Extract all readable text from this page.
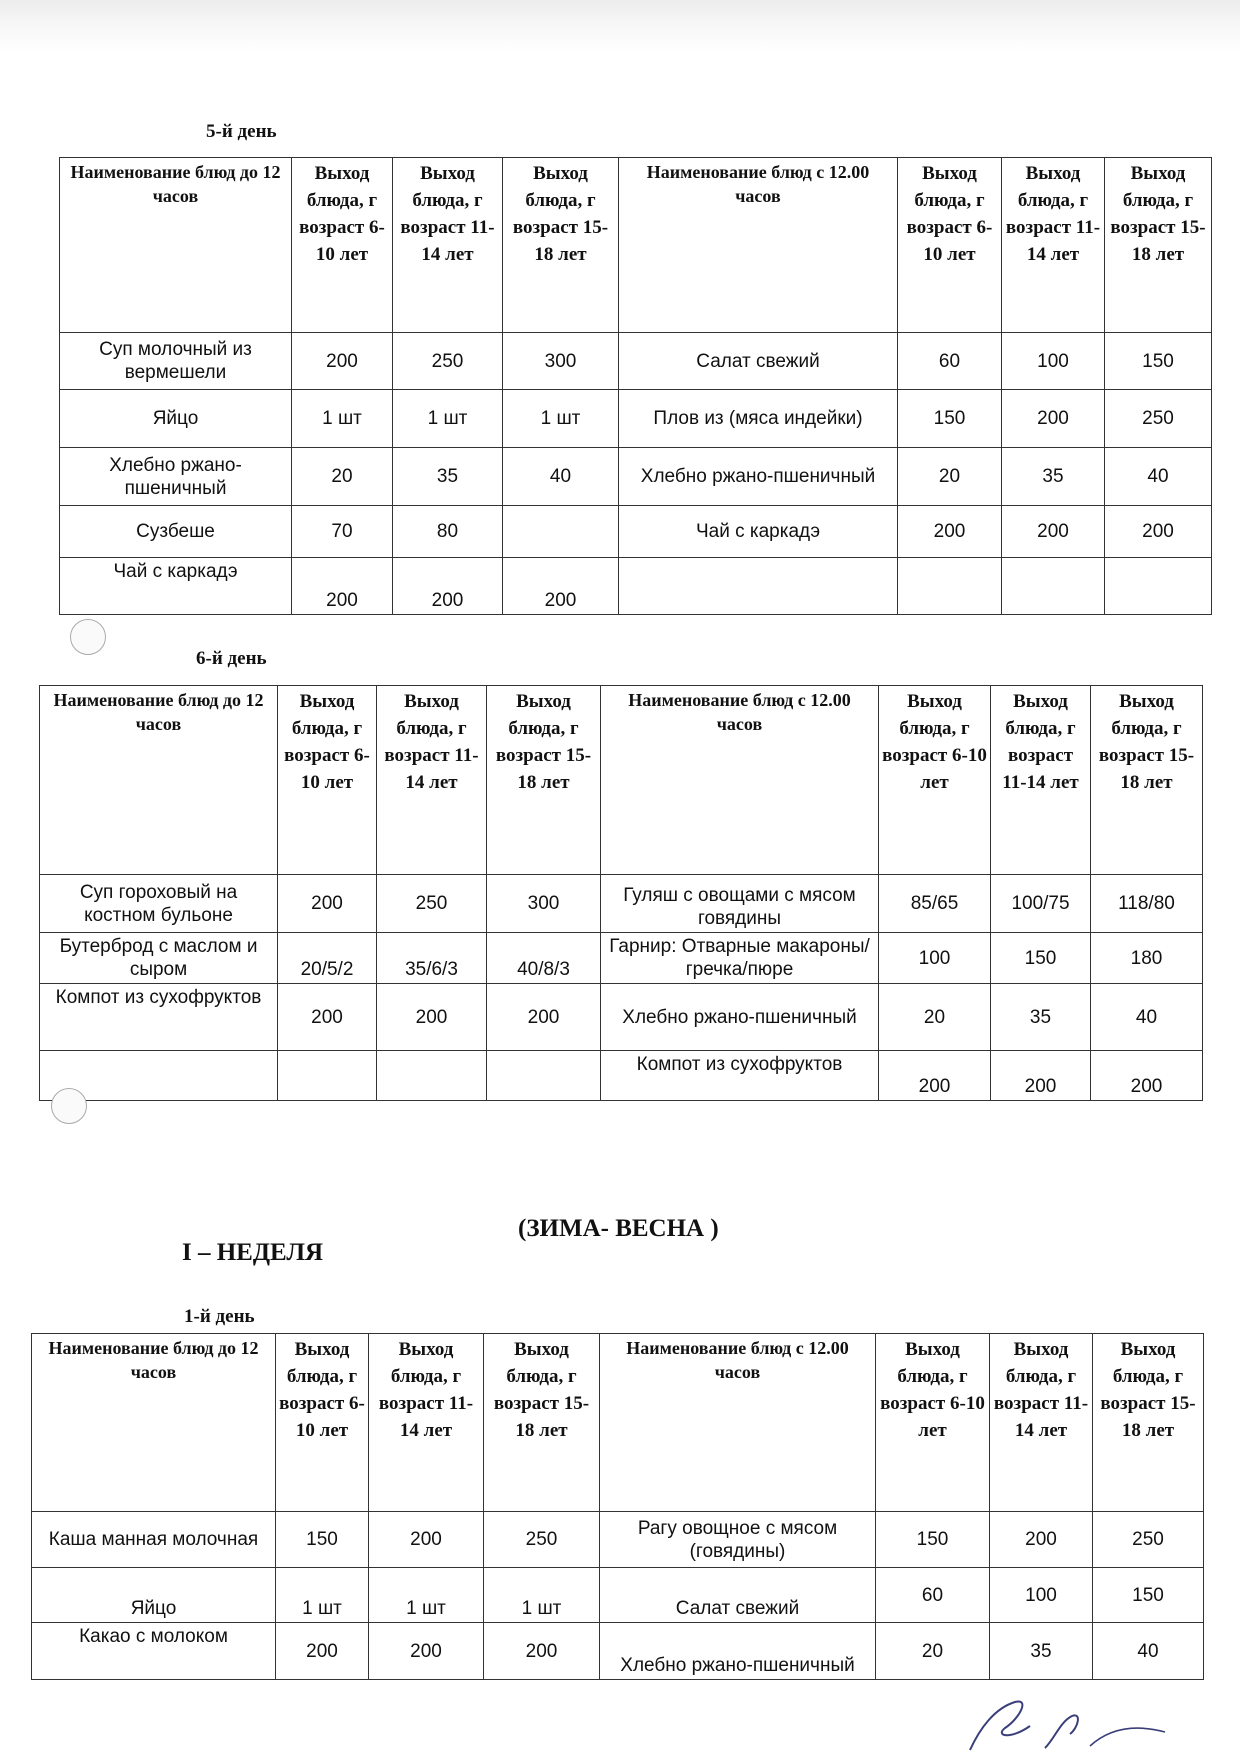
5-й день
Наименование блюд до 12 часов	Выход блюда, г возраст 6-10 лет	Выход блюда, г возраст 11-14 лет	Выход блюда, г возраст 15-18 лет	Наименование блюд с 12.00 часов	Выход блюда, г возраст 6-10 лет	Выход блюда, г возраст 11-14 лет	Выход блюда, г возраст 15-18 лет
Суп молочный из вермешели	200	250	300	Салат свежий	60	100	150
Яйцо	1 шт	1 шт	1 шт	Плов из (мяса индейки)	150	200	250
Хлебно ржано-пшеничный	20	35	40	Хлебно ржано-пшеничный	20	35	40
Сузбеше	70	80		Чай с каркадэ	200	200	200
Чай с каркадэ	200	200	200				
6-й день
Наименование блюд до 12 часов	Выход блюда, г возраст 6-10 лет	Выход блюда, г возраст 11-14 лет	Выход блюда, г возраст 15-18 лет	Наименование блюд с 12.00 часов	Выход блюда, г возраст 6-10 лет	Выход блюда, г возраст 11-14 лет	Выход блюда, г возраст 15-18 лет
Суп гороховый на костном бульоне	200	250	300	Гуляш с овощами с мясом говядины	85/65	100/75	118/80
Бутерброд с маслом и сыром	20/5/2	35/6/3	40/8/3	Гарнир: Отварные макароны/ гречка/пюре	100	150	180
Компот из сухофруктов	200	200	200	Хлебно ржано-пшеничный	20	35	40
				Компот из сухофруктов	200	200	200
(ЗИМА- ВЕСНА )
I – НЕДЕЛЯ
1-й день
Наименование блюд до 12 часов	Выход блюда, г возраст 6-10 лет	Выход блюда, г возраст 11-14 лет	Выход блюда, г возраст 15-18 лет	Наименование блюд с 12.00 часов	Выход блюда, г возраст 6-10 лет	Выход блюда, г возраст 11-14 лет	Выход блюда, г возраст 15-18 лет
Каша манная молочная	150	200	250	Рагу овощное с мясом (говядины)	150	200	250
Яйцо	1 шт	1 шт	1 шт	Салат свежий	60	100	150
Какао с молоком	200	200	200	Хлебно ржано-пшеничный	20	35	40
